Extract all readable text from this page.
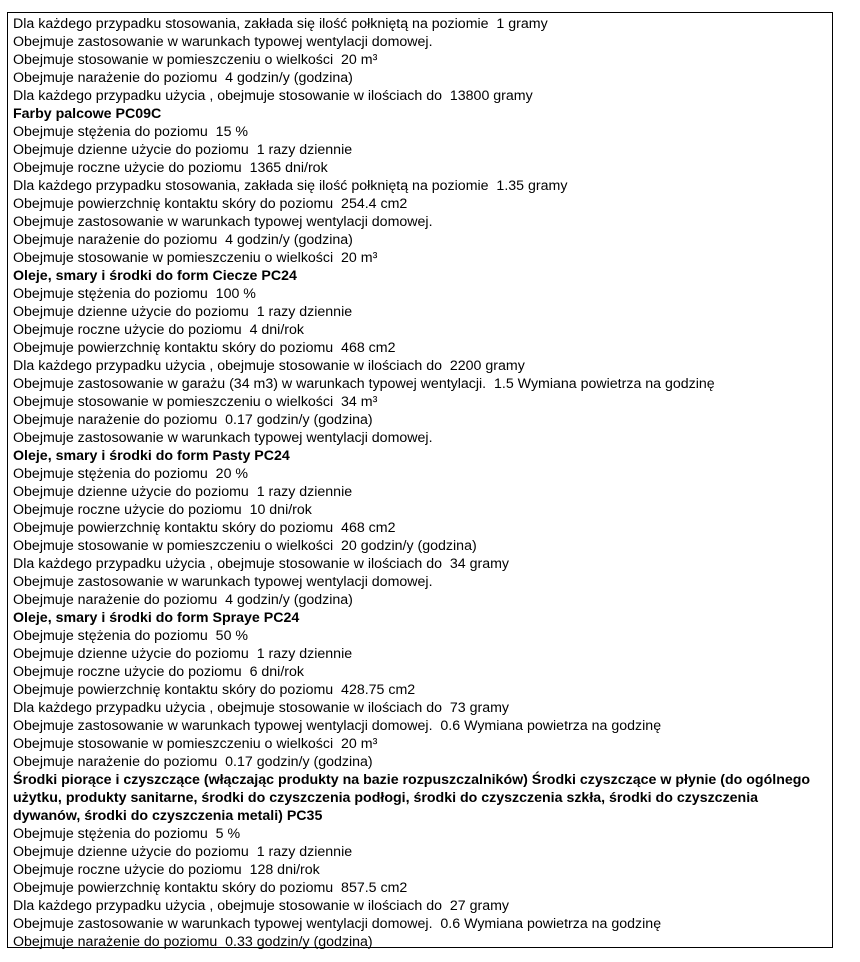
Dla każdego przypadku stosowania, zakłada się ilość połkniętą na poziomie  1 gramy
Obejmuje zastosowanie w warunkach typowej wentylacji domowej.
Obejmuje stosowanie w pomieszczeniu o wielkości  20 m³
Obejmuje narażenie do poziomu  4 godzin/y (godzina)
Dla każdego przypadku użycia , obejmuje stosowanie w ilościach do  13800 gramy
Farby palcowe PC09C
Obejmuje stężenia do poziomu  15 %
Obejmuje dzienne użycie do poziomu  1 razy dziennie
Obejmuje roczne użycie do poziomu  1365 dni/rok
Dla każdego przypadku stosowania, zakłada się ilość połkniętą na poziomie  1.35 gramy
Obejmuje powierzchnię kontaktu skóry do poziomu  254.4 cm2
Obejmuje zastosowanie w warunkach typowej wentylacji domowej.
Obejmuje narażenie do poziomu  4 godzin/y (godzina)
Obejmuje stosowanie w pomieszczeniu o wielkości  20 m³
Oleje, smary i środki do form Ciecze PC24
Obejmuje stężenia do poziomu  100 %
Obejmuje dzienne użycie do poziomu  1 razy dziennie
Obejmuje roczne użycie do poziomu  4 dni/rok
Obejmuje powierzchnię kontaktu skóry do poziomu  468 cm2
Dla każdego przypadku użycia , obejmuje stosowanie w ilościach do  2200 gramy
Obejmuje zastosowanie w garażu (34 m3) w warunkach typowej wentylacji.  1.5 Wymiana powietrza na godzinę
Obejmuje stosowanie w pomieszczeniu o wielkości  34 m³
Obejmuje narażenie do poziomu  0.17 godzin/y (godzina)
Obejmuje zastosowanie w warunkach typowej wentylacji domowej.
Oleje, smary i środki do form Pasty PC24
Obejmuje stężenia do poziomu  20 %
Obejmuje dzienne użycie do poziomu  1 razy dziennie
Obejmuje roczne użycie do poziomu  10 dni/rok
Obejmuje powierzchnię kontaktu skóry do poziomu  468 cm2
Obejmuje stosowanie w pomieszczeniu o wielkości  20 godzin/y (godzina)
Dla każdego przypadku użycia , obejmuje stosowanie w ilościach do  34 gramy
Obejmuje zastosowanie w warunkach typowej wentylacji domowej.
Obejmuje narażenie do poziomu  4 godzin/y (godzina)
Oleje, smary i środki do form Spraye PC24
Obejmuje stężenia do poziomu  50 %
Obejmuje dzienne użycie do poziomu  1 razy dziennie
Obejmuje roczne użycie do poziomu  6 dni/rok
Obejmuje powierzchnię kontaktu skóry do poziomu  428.75 cm2
Dla każdego przypadku użycia , obejmuje stosowanie w ilościach do  73 gramy
Obejmuje zastosowanie w warunkach typowej wentylacji domowej.  0.6 Wymiana powietrza na godzinę
Obejmuje stosowanie w pomieszczeniu o wielkości  20 m³
Obejmuje narażenie do poziomu  0.17 godzin/y (godzina)
Środki piorące i czyszczące (włączając produkty na bazie rozpuszczalników) Środki czyszczące w płynie (do ogólnego użytku, produkty sanitarne, środki do czyszczenia podłogi, środki do czyszczenia szkła, środki do czyszczenia dywanów, środki do czyszczenia metali) PC35
Obejmuje stężenia do poziomu  5 %
Obejmuje dzienne użycie do poziomu  1 razy dziennie
Obejmuje roczne użycie do poziomu  128 dni/rok
Obejmuje powierzchnię kontaktu skóry do poziomu  857.5 cm2
Dla każdego przypadku użycia , obejmuje stosowanie w ilościach do  27 gramy
Obejmuje zastosowanie w warunkach typowej wentylacji domowej.  0.6 Wymiana powietrza na godzinę
Obejmuje narażenie do poziomu  0.33 godzin/y (godzina)
